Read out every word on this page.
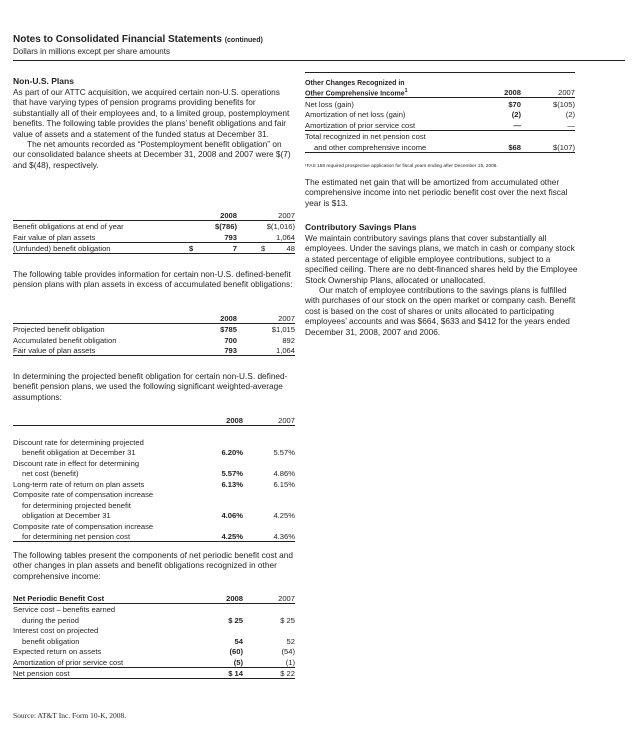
Notes to Consolidated Financial Statements (continued)
Dollars in millions except per share amounts
Non-U.S. Plans

As part of our ATTC acquisition, we acquired certain non-U.S. operations that have varying types of pension programs providing benefits for substantially all of their employees and, to a limited group, postemployment benefits. The following table provides the plans’ benefit obligations and fair value of assets and a statement of the funded status at December 31.

The net amounts recorded as “Postemployment benefit obligation” on our consolidated balance sheets at December 31, 2008 and 2007 were $(7) and $(48), respectively.

		2008		2007
Benefit obligations at end of year		$(786)		$(1,016)
Fair value of plan assets		793		1,064
(Unfunded) benefit obligation		$ 7		$ 48
The following table provides information for certain non-U.S. defined-benefit pension plans with plan assets in excess of accumulated benefit obligations:
		2008		2007
Projected benefit obligation		$785		$1,015
Accumulated benefit obligation		700		892
Fair value of plan assets		793		1,064
In determining the projected benefit obligation for certain non-U.S. defined-benefit pension plans, we used the following significant weighted-average assumptions:
	2008		2007

Discount rate for determining projected			
benefit obligation at December 31	6.20%		5.57%
Discount rate in effect for determining			
net cost (benefit)	5.57%		4.86%
Long-term rate of return on plan assets	6.13%		6.15%
Composite rate of compensation increase			
for determining projected benefit			
obligation at December 31	4.06%		4.25%
Composite rate of compensation increase			
for determining net pension cost	4.25%		4.36%
The following tables present the components of net periodic benefit cost and other changes in plan assets and benefit obligations recognized in other comprehensive income:
Net Periodic Benefit Cost	2008		2007
Service cost – benefits earned			
during the period	$ 25		$ 25
Interest cost on projected			
benefit obligation	54		52
Expected return on assets	(60)		(54)
Amortization of prior service cost	(5)		(1)
Net pension cost	$ 14		$ 22
Other Changes Recognized in			
Other Comprehensive Income$^1$	2008		2007
Net loss (gain)	$70		$(105)
Amortization of net loss (gain)	(2)		(2)
Amortization of prior service cost	—		—
Total recognized in net pension cost			
and other comprehensive income	$68		$(107)
¹FAS 158 required prospective application for fiscal years ending after December 15, 2006.
The estimated net gain that will be amortized from accumulated other comprehensive income into net periodic benefit cost over the next fiscal year is $13.
Contributory Savings Plans

We maintain contributory savings plans that cover substantially all employees. Under the savings plans, we match in cash or company stock a stated percentage of eligible employee contributions, subject to a specified ceiling. There are no debt-financed shares held by the Employee Stock Ownership Plans, allocated or unallocated.

Our match of employee contributions to the savings plans is fulfilled with purchases of our stock on the open market or company cash. Benefit cost is based on the cost of shares or units allocated to participating employees’ accounts and was $664, $633 and $412 for the years ended December 31, 2008, 2007 and 2006.

Source: AT&T Inc. Form 10-K, 2008.
